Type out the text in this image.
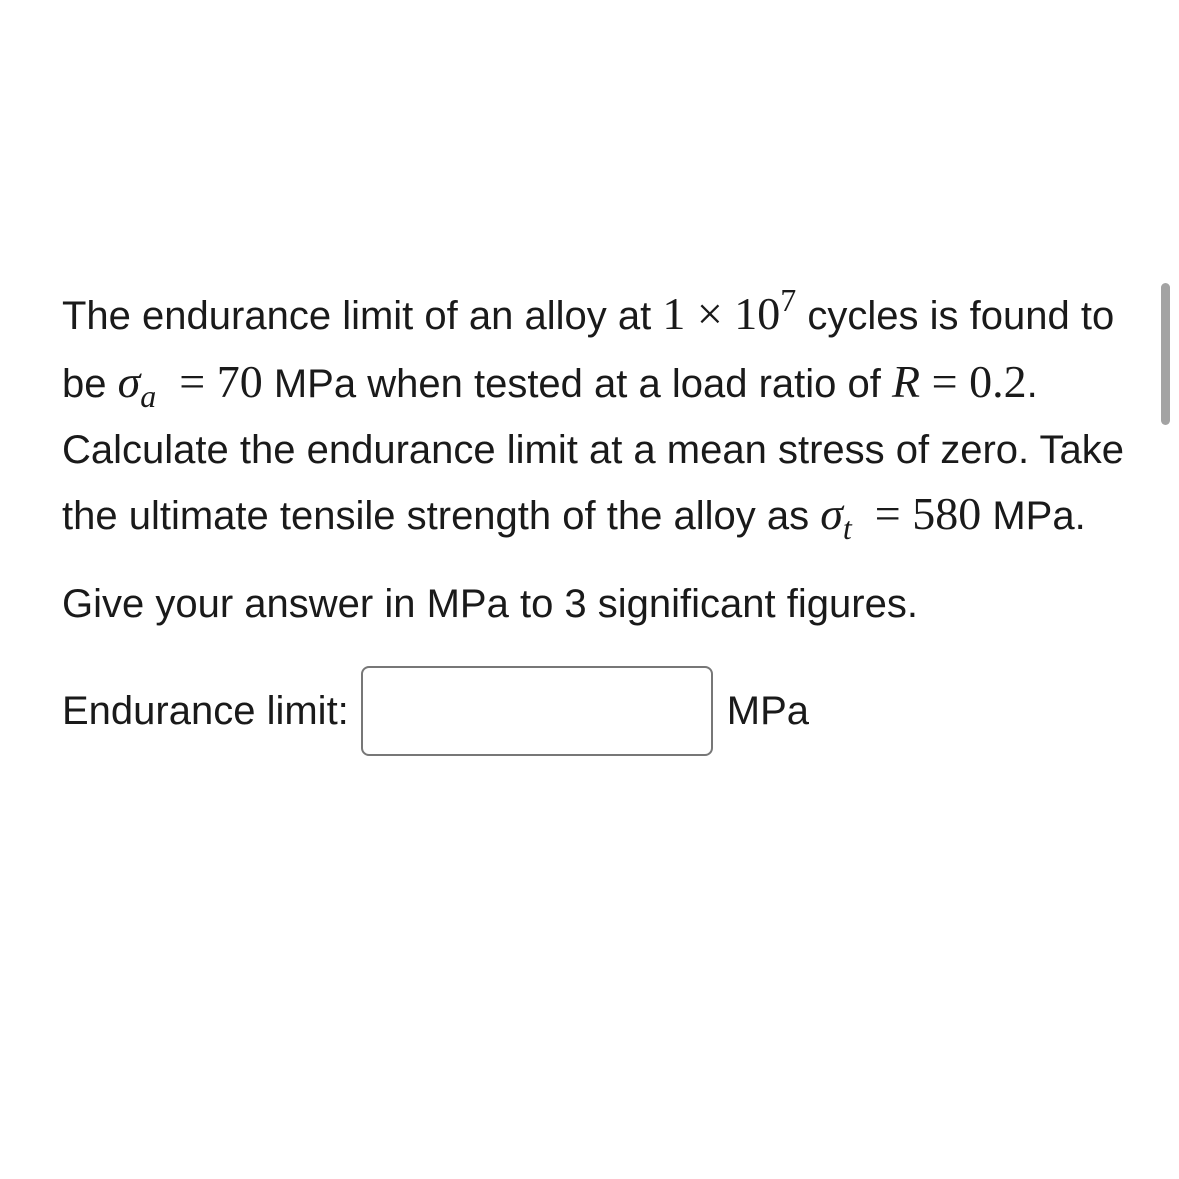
The endurance limit of an alloy at $1 \times 10^7$ cycles is found to be $\sigma_a = 70$ MPa when tested at a load ratio of R = 0.2. Calculate the endurance limit at a mean stress of zero. Take the ultimate tensile strength of the alloy as $\sigma_t = 580$ MPa.

Give your answer in MPa to 3 significant figures.

Endurance limit:	MPa
